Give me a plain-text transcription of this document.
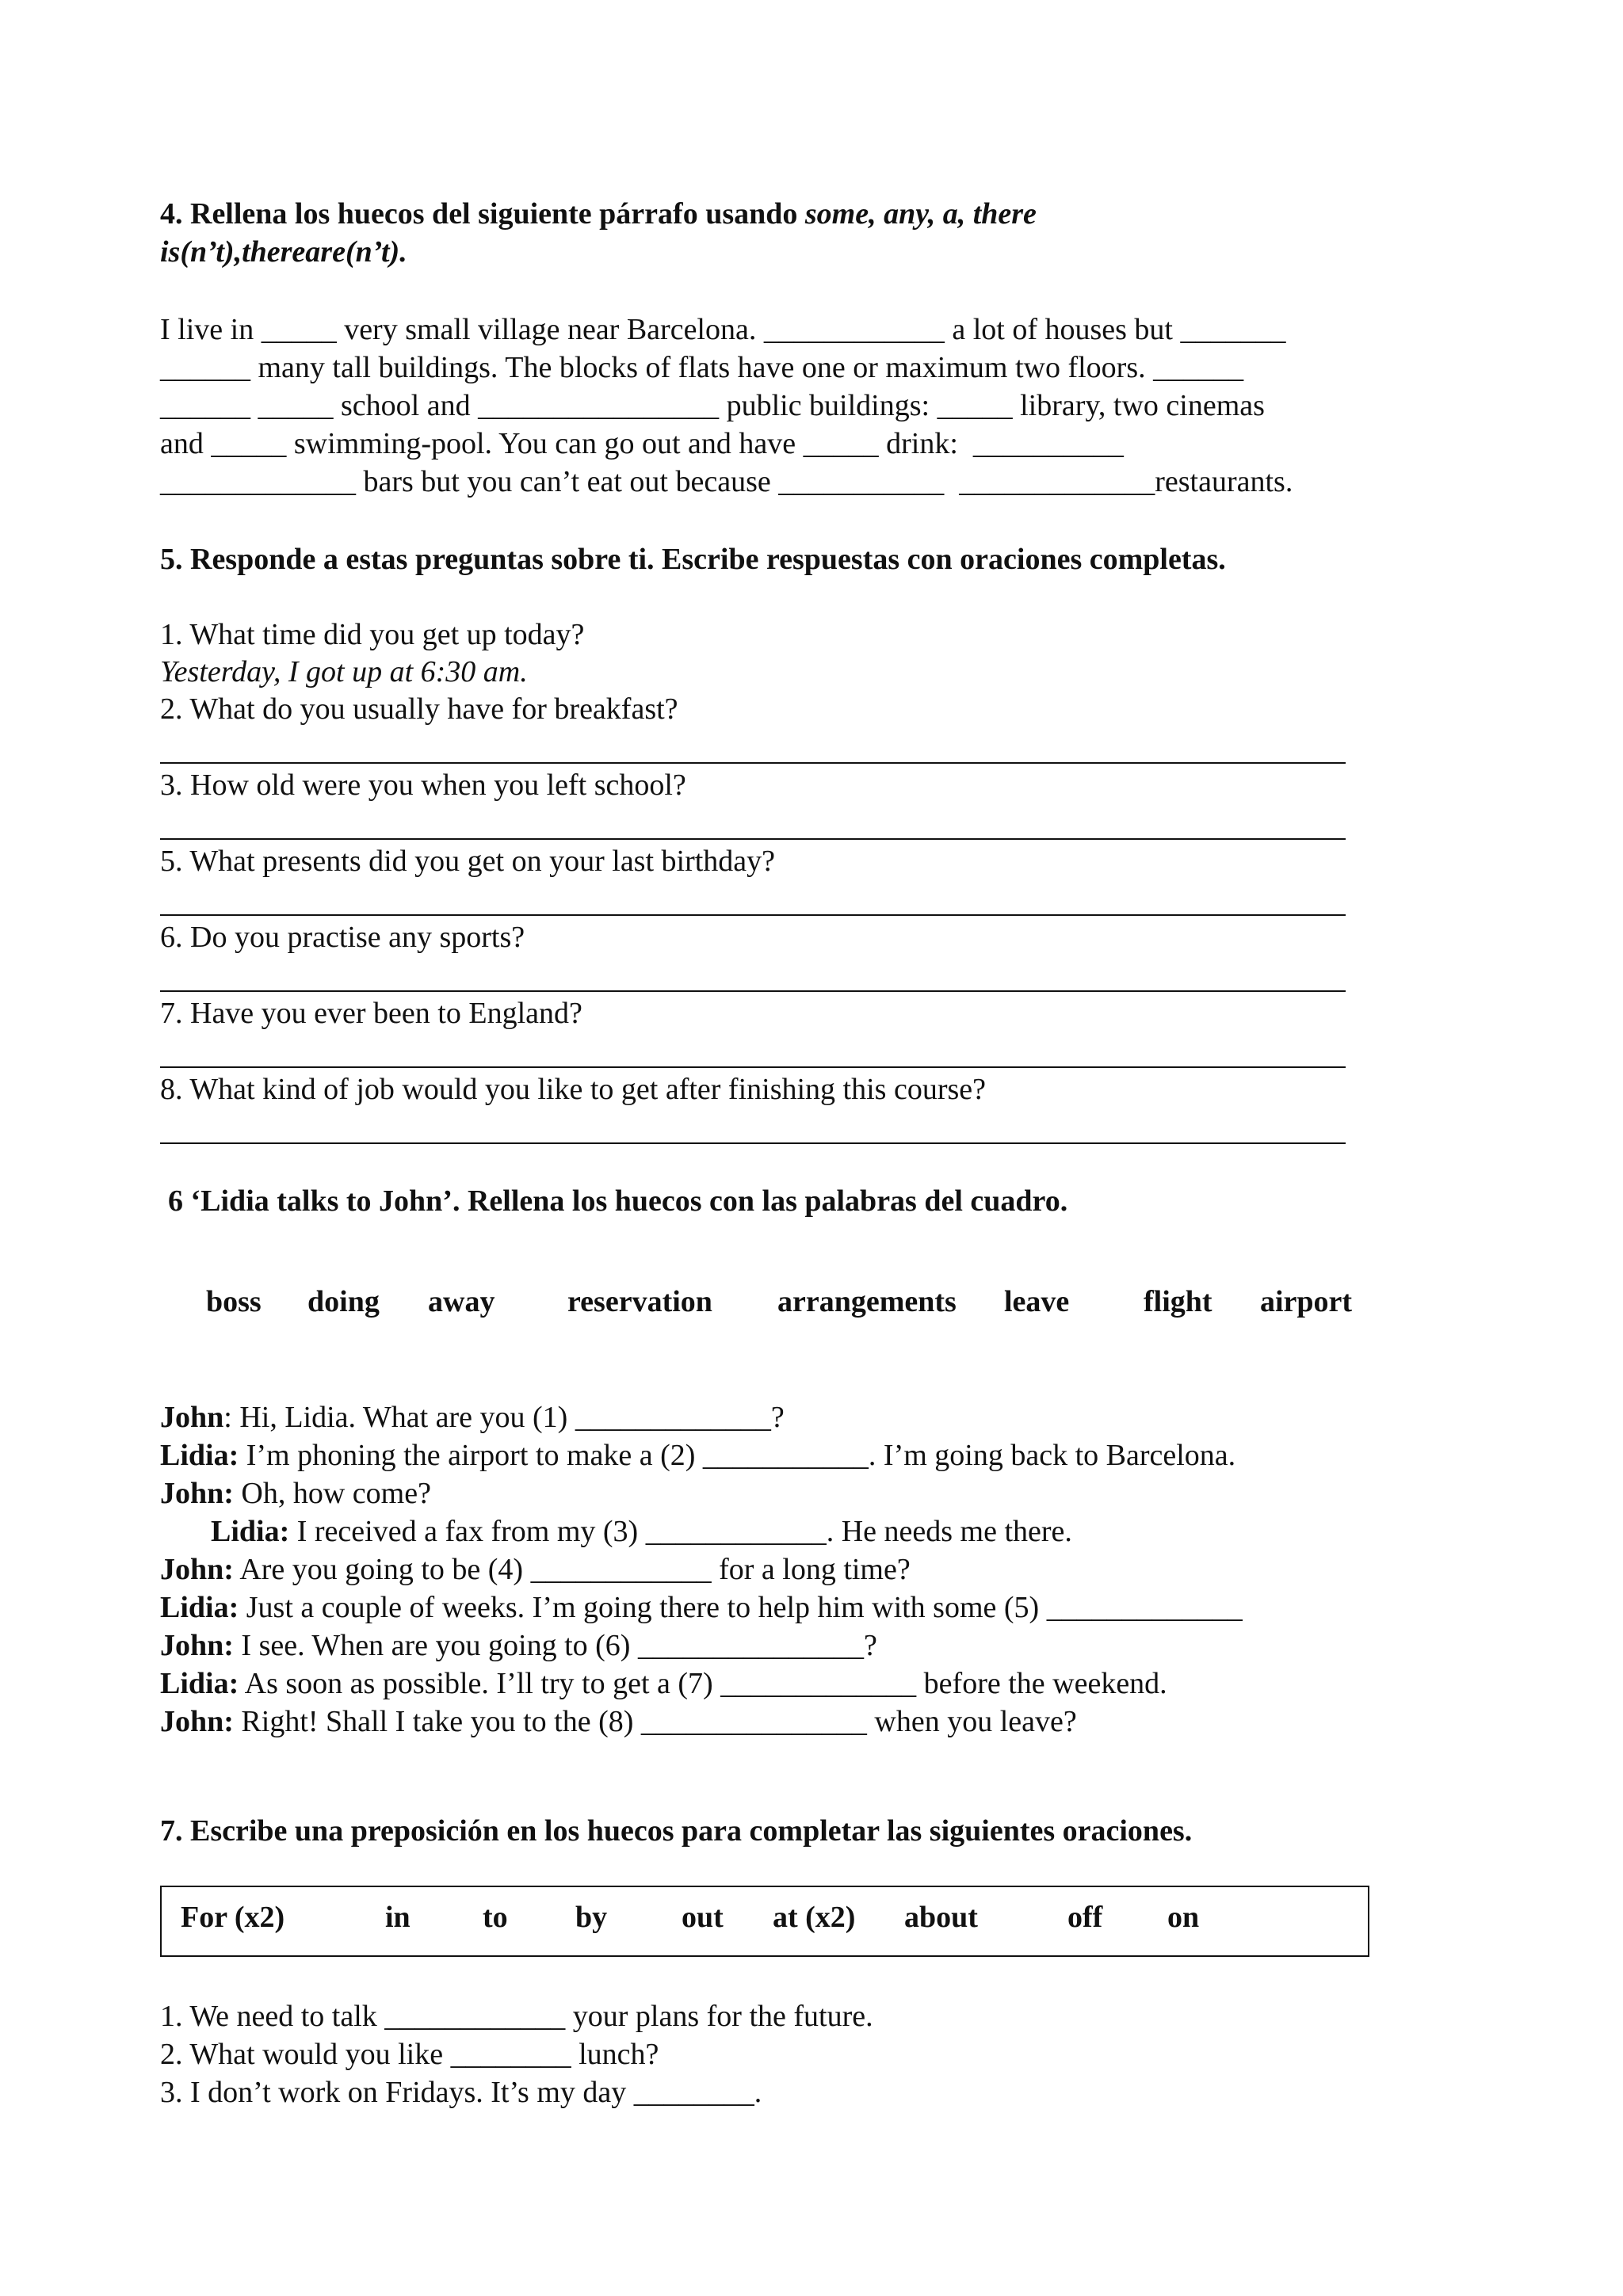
4. Rellena los huecos del siguiente párrafo usando some, any, a, there
is(n’t),thereare(n’t).
I live in _____ very small village near Barcelona. ____________ a lot of houses but _______
______ many tall buildings. The blocks of flats have one or maximum two floors. ______
______ _____ school and ________________ public buildings: _____ library, two cinemas
and _____ swimming-pool. You can go out and have _____ drink:  __________
_____________ bars but you can’t eat out because ___________  _____________restaurants.
5. Responde a estas preguntas sobre ti. Escribe respuestas con oraciones completas.
1. What time did you get up today?
Yesterday, I got up at 6:30 am.
2. What do you usually have for breakfast?
3. How old were you when you left school?
5. What presents did you get on your last birthday?
6. Do you practise any sports?
7. Have you ever been to England?
8. What kind of job would you like to get after finishing this course?
6 ‘Lidia talks to John’. Rellena los huecos con las palabras del cuadro.
boss doing away reservation arrangements leave flight airport
John: Hi, Lidia. What are you (1) _____________?
Lidia: I’m phoning the airport to make a (2) ___________. I’m going back to Barcelona.
John: Oh, how come?
Lidia: I received a fax from my (3) ____________. He needs me there.
John: Are you going to be (4) ____________ for a long time?
Lidia: Just a couple of weeks. I’m going there to help him with some (5) _____________
John: I see. When are you going to (6) _______________?
Lidia: As soon as possible. I’ll try to get a (7) _____________ before the weekend.
John: Right! Shall I take you to the (8) _______________ when you leave?
7. Escribe una preposición en los huecos para completar las siguientes oraciones.
For (x2)	in to by out at (x2) about	off on
1. We need to talk ____________ your plans for the future.
2. What would you like ________ lunch?
3. I don’t work on Fridays. It’s my day ________.
